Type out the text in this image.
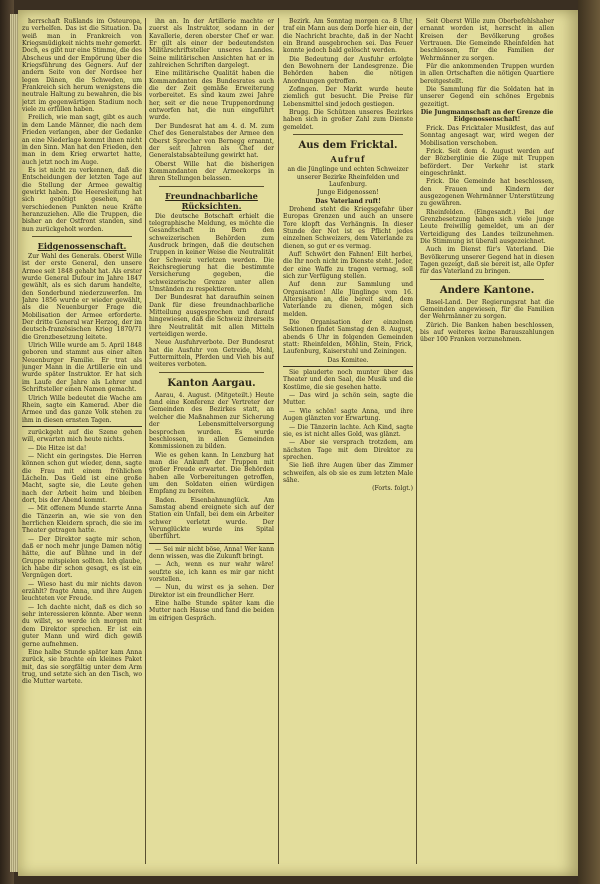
herrschaft Rußlands im Osteuropa, zu verhelfen. Das ist die Situation. Da weiß man in Frankreich von Kriegsmüdigkeit nichts mehr gemerkt. Doch, es gibt nur eine Stimme, die des Abscheus und der Empörung über die Kriegsführung des Gegners. Auf der andern Seite von der Nordsee her legen Dänen, die Schweden, um Frankreich sich herum wenigstens die neutrale Haltung zu bewahren, die bis jetzt im gegenwärtigen Stadium noch viele zu erfüllen haben.

Freilich, wie man sagt, gibt es auch in dem Lande Männer, die nach dem Frieden verlangen, aber der Gedanke an eine Niederlage kommt ihnen nicht in den Sinn. Man hat den Frieden, den man in dem Krieg erwartet hatte, auch jetzt noch im Auge.

Es ist nicht zu verkennen, daß die Entscheidungen der letzten Tage auf die Stellung der Armee gewaltig gewirkt haben. Die Heeresleitung hat sich genötigt gesehen, an verschiedenen Punkten neue Kräfte heranzuziehen. Alle die Truppen, die bisher an der Ostfront standen, sind nun zurückgeholt worden.

Eidgenossenschaft.

Zur Wahl des Generals. Oberst Wille ist der erste General, den unsere Armee seit 1848 gehabt hat. Als erster wurde General Dufour im Jahre 1847 gewählt, als es sich darum handelte, den Sonderbund niederzuwerfen. Im Jahre 1856 wurde er wieder gewählt, als die Neuenburger Frage die Mobilisation der Armee erforderte. Der dritte General war Herzog, der im deutsch-französischen Krieg 1870/71 die Grenzbesetzung leitete.

Ulrich Wille wurde am 5. April 1848 geboren und stammt aus einer alten Neuenburger Familie. Er trat als junger Mann in die Artillerie ein und wurde später Instruktor. Er hat sich im Laufe der Jahre als Lehrer und Schriftsteller einen Namen gemacht.

Ulrich Wille bedeutet die Wache am Rhein, sagte ein Kamerad. Aber die Armee und das ganze Volk stehen zu ihm in diesen ernsten Tagen.

zurückgeht auf die Szene gehen will, erwarten mich heute nichts.

— Die Hitze ist da!

— Nicht ein geringstes. Die Herren können schon gut wieder, denn, sagte die Frau mit einem fröhlichen Lächeln. Das Geld ist eine große Macht, sagte sie, die Leute gehen nach der Arbeit heim und bleiben dort, bis der Abend kommt.

— Mit offenem Munde starrte Anna die Tänzerin an, wie sie von den herrlichen Kleidern sprach, die sie im Theater getragen hatte.

— Der Direktor sagte mir schon, daß er noch mehr junge Damen nötig hätte, die auf Bühne und in der Gruppe mitspielen sollten. Ich glaube, ich habe dir schon gesagt, es ist ein Vergnügen dort.

— Wieso hast du mir nichts davon erzählt? fragte Anna, und ihre Augen leuchteten vor Freude.

— Ich dachte nicht, daß es dich so sehr interessieren könnte. Aber wenn du willst, so werde ich morgen mit dem Direktor sprechen. Er ist ein guter Mann und wird dich gewiß gerne aufnehmen.

Eine halbe Stunde später kam Anna zurück, sie brachte ein kleines Paket mit, das sie sorgfältig unter dem Arm trug, und setzte sich an den Tisch, wo die Mutter wartete.

ihn an. In der Artillerie machte er zuerst als Instruktor, sodann in der Kavallerie, deren oberster Chef er war. Er gilt als einer der bedeutendsten Militärschriftsteller unseres Landes. Seine militärischen Ansichten hat er in zahlreichen Schriften dargelegt.

Eine militärische Qualität haben die Kommandanten des Bundesrates auch die der Zeit gemäße Erweiterung vorbereitet. Es sind kaum zwei Jahre her, seit er die neue Truppenordnung entworfen hat, die nun eingeführt wurde.

Der Bundesrat hat am 4. d. M. zum Chef des Generalstabes der Armee den Oberst Sprecher von Bernegg ernannt, der seit Jahren als Chef der Generalstabsabteilung gewirkt hat.

Oberst Wille hat die bisherigen Kommandanten der Armeekorps in ihren Stellungen belassen.

Freundnachbarliche Rücksichten.

Die deutsche Botschaft erhielt die telegraphische Meldung, es möchte die Gesandtschaft in Bern den schweizerischen Behörden zum Ausdruck bringen, daß die deutschen Truppen in keiner Weise die Neutralität der Schweiz verletzen werden. Die Reichsregierung hat die bestimmte Versicherung gegeben, die schweizerische Grenze unter allen Umständen zu respektieren.

Der Bundesrat hat daraufhin seinen Dank für diese freundnachbarliche Mitteilung ausgesprochen und darauf hingewiesen, daß die Schweiz ihrerseits ihre Neutralität mit allen Mitteln verteidigen werde.

Neue Ausfuhrverbote. Der Bundesrat hat die Ausfuhr von Getreide, Mehl, Futtermitteln, Pferden und Vieh bis auf weiteres verboten.

Kanton Aargau.

Aarau, 4. August. (Mitgeteilt.) Heute fand eine Konferenz der Vertreter der Gemeinden des Bezirkes statt, an welcher die Maßnahmen zur Sicherung der Lebensmittelversorgung besprochen wurden. Es wurde beschlossen, in allen Gemeinden Kommissionen zu bilden.

Wie es gehen kann. In Lenzburg hat man die Ankunft der Truppen mit großer Freude erwartet. Die Behörden haben alle Vorbereitungen getroffen, um den Soldaten einen würdigen Empfang zu bereiten.

Baden. Eisenbahnunglück. Am Samstag abend ereignete sich auf der Station ein Unfall, bei dem ein Arbeiter schwer verletzt wurde. Der Verunglückte wurde ins Spital überführt.

— Sei mir nicht böse, Anna! Wer kann denn wissen, was die Zukunft bringt.

— Ach, wenn es nur wahr wäre! seufzte sie, ich kann es mir gar nicht vorstellen.

— Nun, du wirst es ja sehen. Der Direktor ist ein freundlicher Herr.

Eine halbe Stunde später kam die Mutter nach Hause und fand die beiden im eifrigen Gespräch.

Bezirk. Am Sonntag morgen ca. 8 Uhr, traf ein Mann aus dem Dorfe hier ein, der die Nachricht brachte, daß in der Nacht ein Brand ausgebrochen sei. Das Feuer konnte jedoch bald gelöscht werden.

Die Bedeutung der Ausfuhr erfolgte den Bewohnern der Landesgrenze. Die Behörden haben die nötigen Anordnungen getroffen.

Zofingen. Der Markt wurde heute ziemlich gut besucht. Die Preise für Lebensmittel sind jedoch gestiegen.

Brugg. Die Schützen unseres Bezirkes haben sich in großer Zahl zum Dienste gemeldet.

Aus dem Fricktal.
Aufruf

an die Jünglinge und echten Schweizer unserer Bezirke Rheinfelden und Laufenburg.

Junge Eidgenossen!

Das Vaterland ruft!

Drohend steht die Kriegsgefahr über Europas Grenzen und auch an unsere Tore klopft das Verhängnis. In dieser Stunde der Not ist es Pflicht jedes einzelnen Schweizers, dem Vaterlande zu dienen, so gut er es vermag.

Auf! Schwört den Fahnen! Eilt herbei, die Ihr noch nicht im Dienste steht. Jeder, der eine Waffe zu tragen vermag, soll sich zur Verfügung stellen.

Auf denn zur Sammlung und Organisation! Alle Jünglinge vom 16. Altersjahre an, die bereit sind, dem Vaterlande zu dienen, mögen sich melden.

Die Organisation der einzelnen Sektionen findet Samstag den 8. August, abends 6 Uhr in folgenden Gemeinden statt: Rheinfelden, Möhlin, Stein, Frick, Laufenburg, Kaiserstuhl und Zeiningen.

Das Komitee.

Sie plauderte noch munter über das Theater und den Saal, die Musik und die Kostüme, die sie gesehen hatte.

— Das wird ja schön sein, sagte die Mutter.

— Wie schön! sagte Anna, und ihre Augen glänzten vor Erwartung.

— Die Tänzerin lachte. Ach Kind, sagte sie, es ist nicht alles Gold, was glänzt.

— Aber sie versprach trotzdem, am nächsten Tage mit dem Direktor zu sprechen.

Sie ließ ihre Augen über das Zimmer schweifen, als ob sie es zum letzten Male sähe.

(Forts. folgt.)

Seit Oberst Wille zum Oberbefehlshaber ernannt worden ist, herrscht in allen Kreisen der Bevölkerung großes Vertrauen. Die Gemeinde Rheinfelden hat beschlossen, für die Familien der Wehrmänner zu sorgen.

Für die ankommenden Truppen wurden in allen Ortschaften die nötigen Quartiere bereitgestellt.

Die Sammlung für die Soldaten hat in unserer Gegend ein schönes Ergebnis gezeitigt.

Die Jungmannschaft an der Grenze die Eidgenossenschaft!

Frick. Das Fricktaler Musikfest, das auf Sonntag angesagt war, wird wegen der Mobilisation verschoben.

Frick. Seit dem 4. August werden auf der Bözberglinie die Züge mit Truppen befördert. Der Verkehr ist stark eingeschränkt.

Frick. Die Gemeinde hat beschlossen, den Frauen und Kindern der ausgezogenen Wehrmänner Unterstützung zu gewähren.

Rheinfelden. (Eingesandt.) Bei der Grenzbesetzung haben sich viele junge Leute freiwillig gemeldet, um an der Verteidigung des Landes teilzunehmen. Die Stimmung ist überall ausgezeichnet.

Auch im Dienst für's Vaterland. Die Bevölkerung unserer Gegend hat in diesen Tagen gezeigt, daß sie bereit ist, alle Opfer für das Vaterland zu bringen.

Andere Kantone.

Basel-Land. Der Regierungsrat hat die Gemeinden angewiesen, für die Familien der Wehrmänner zu sorgen.

Zürich. Die Banken haben beschlossen, bis auf weiteres keine Barauszahlungen über 100 Franken vorzunehmen.
